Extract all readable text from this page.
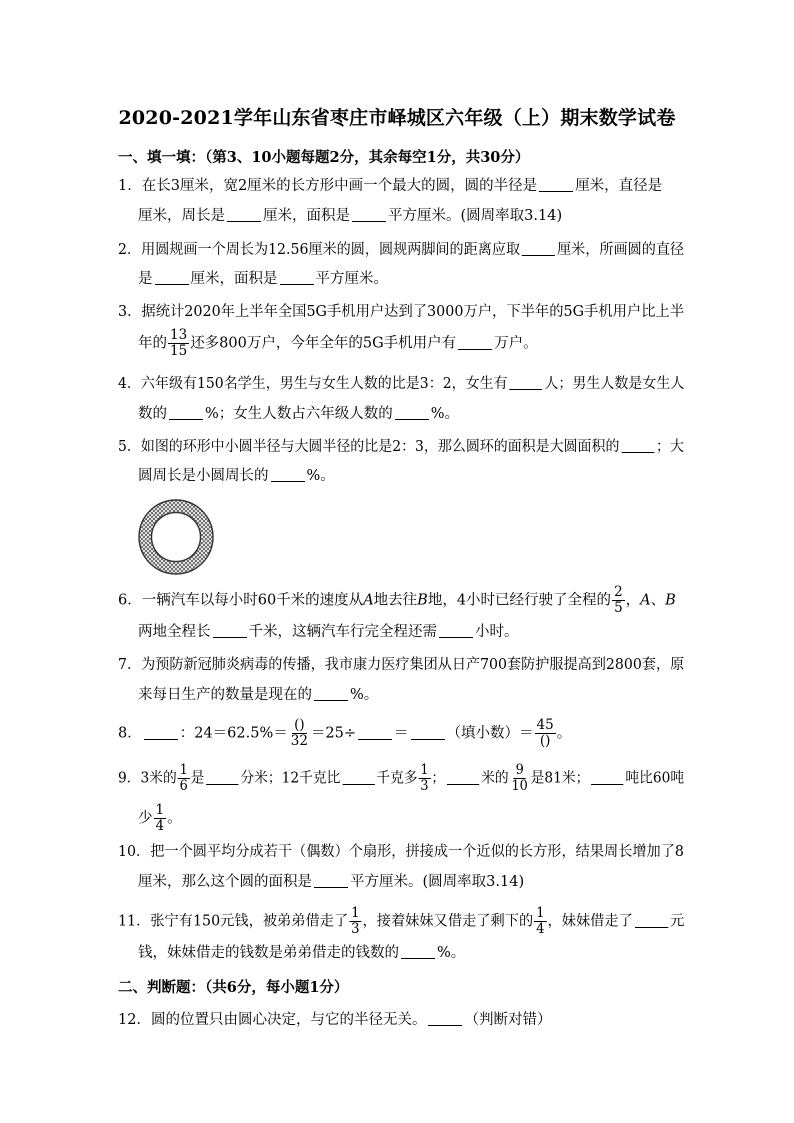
2020-2021学年山东省枣庄市峄城区六年级（上）期末数学试卷
一、填一填：（第3、10小题每题2分，其余每空1分，共30分）
1．在长3厘米，宽2厘米的长方形中画一个最大的圆，圆的半径是	厘米，直径是
厘米，周长是	厘米，面积是	平方厘米。(圆周率取3.14)
2．用圆规画一个周长为12.56厘米的圆，圆规两脚间的距离应取	厘米，所画圆的直径
是	厘米，面积是	平方厘米。
3．据统计2020年上半年全国5G手机用户达到了3000万户，下半年的5G手机用户比上半
年的 $\frac{13}{15}$ 还多800万户，今年全年的5G手机用户有	万户。
4．六年级有150名学生，男生与女生人数的比是3：2，女生有	人；男生人数是女生人
数的	%；女生人数占六年级人数的	%。
5．如图的环形中小圆半径与大圆半径的比是2：3，那么圆环的面积是大圆面积的	；大
圆周长是小圆周长的	%。
6．一辆汽车以每小时60千米的速度从A地去往B地，4小时已经行驶了全程的 $\frac{2}{5}$ ，A、B
两地全程长	千米，这辆汽车行完全程还需	小时。
7．为预防新冠肺炎病毒的传播，我市康力医疗集团从日产700套防护服提高到2800套，原
来每日生产的数量是现在的	%。
8．	：$24=62.5\%= \frac{()}{32} =25\div$	＝	（填小数）＝ $\frac{45}{()}$ 。
9．3米的 $\frac{1}{6}$ 是 分米；12千克比 千克多 $\frac{1}{3}$ ； 米的 $\frac{9}{10}$ 是81米； 吨比60吨
少 $\frac{1}{4}$ 。
10．把一个圆平均分成若干（偶数）个扇形，拼接成一个近似的长方形，结果周长增加了8
厘米，那么这个圆的面积是	平方厘米。(圆周率取3.14)
11．张宁有150元钱，被弟弟借走了 $\frac{1}{3}$ ，接着妹妹又借走了剩下的 $\frac{1}{4}$ ，妹妹借走了	元
钱，妹妹借走的钱数是弟弟借走的钱数的	%。
二、判断题：（共6分，每小题1分）
12．圆的位置只由圆心决定，与它的半径无关。	（判断对错）
